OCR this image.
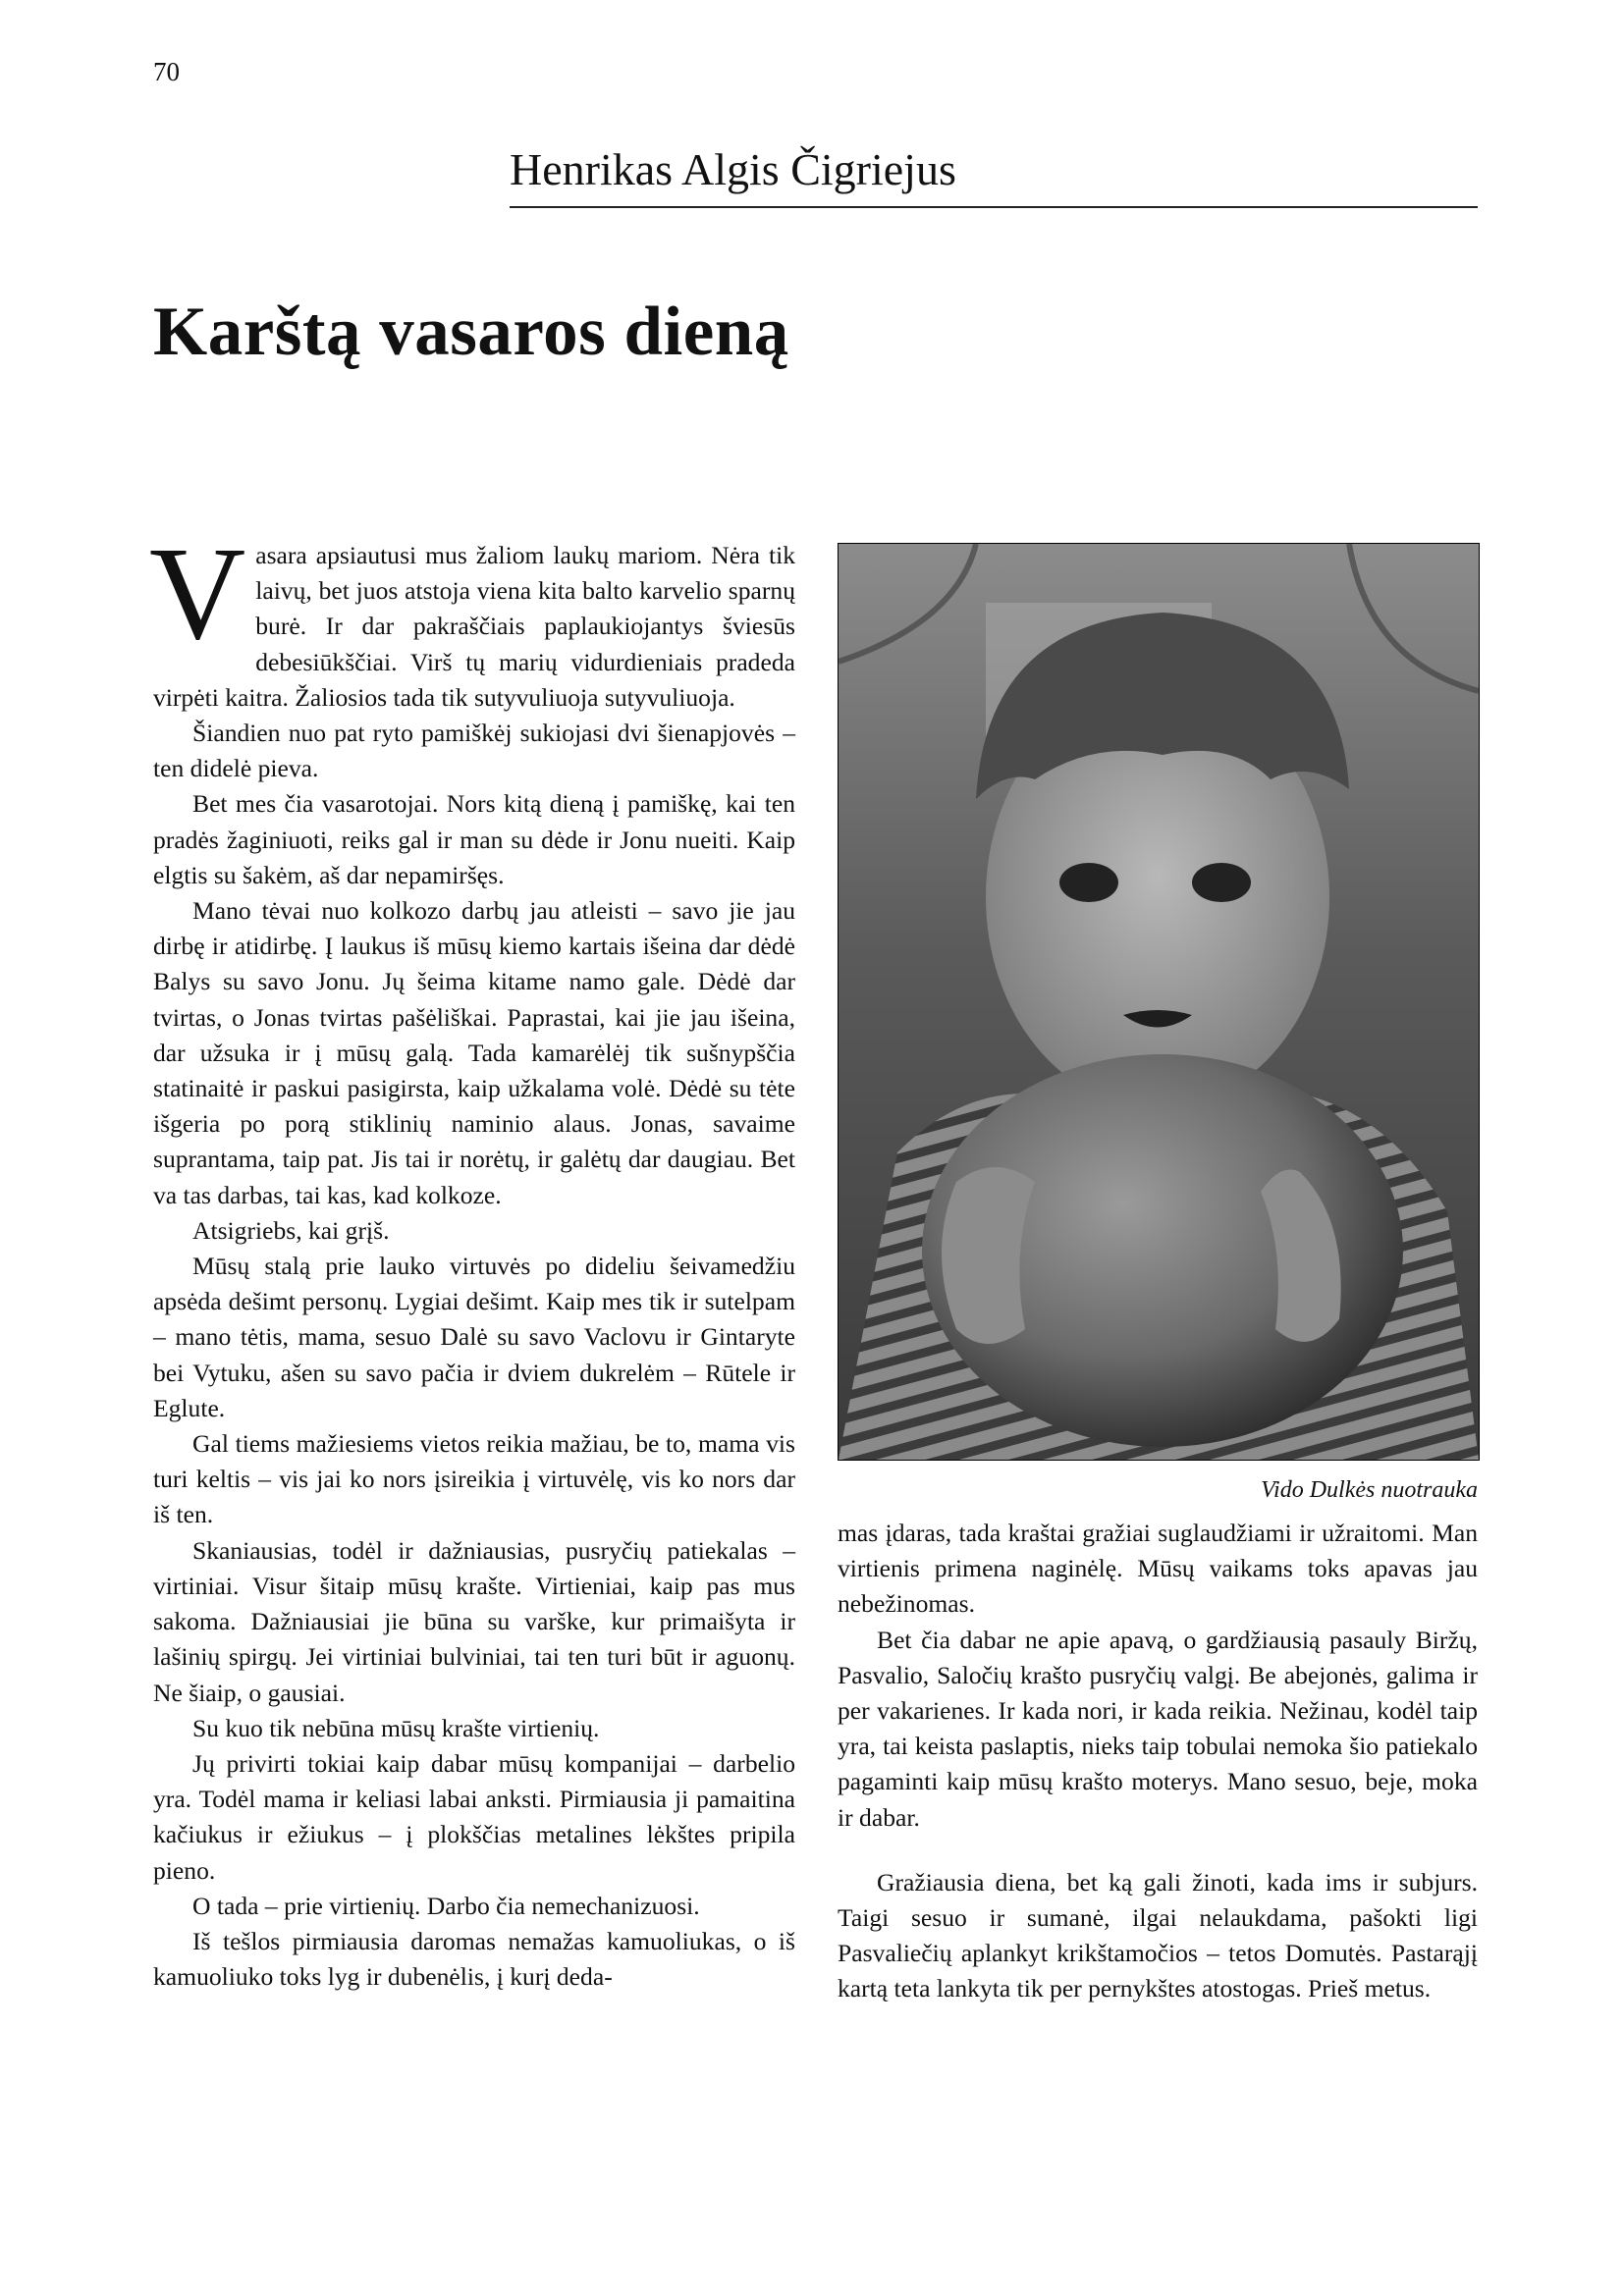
70
Henrikas Algis Čigriejus
Karštą vasaros dieną

Vasara apsiautusi mus žaliom laukų mariom. Nėra tik laivų, bet juos atstoja viena kita balto karvelio sparnų burė. Ir dar pakraščiais paplaukiojantys šviesūs debesiūkščiai. Virš tų marių vidurdieniais pradeda virpėti kaitra. Žaliosios tada tik sutyvuliuoja sutyvuliuoja.

Šiandien nuo pat ryto pamiškėj sukiojasi dvi šienapjovės – ten didelė pieva.

Bet mes čia vasarotojai. Nors kitą dieną į pamiškę, kai ten pradės žaginiuoti, reiks gal ir man su dėde ir Jonu nueiti. Kaip elgtis su šakėm, aš dar nepamiršęs.

Mano tėvai nuo kolkozo darbų jau atleisti – savo jie jau dirbę ir atidirbę. Į laukus iš mūsų kiemo kartais išeina dar dėdė Balys su savo Jonu. Jų šeima kitame namo gale. Dėdė dar tvirtas, o Jonas tvirtas pašėliškai. Paprastai, kai jie jau išeina, dar užsuka ir į mūsų galą. Tada kamarėlėj tik sušnypščia statinaitė ir paskui pasigirsta, kaip užkalama volė. Dėdė su tėte išgeria po porą stiklinių naminio alaus. Jonas, savaime suprantama, taip pat. Jis tai ir norėtų, ir galėtų dar daugiau. Bet va tas darbas, tai kas, kad kolkoze.

Atsigriebs, kai grįš.

Mūsų stalą prie lauko virtuvės po dideliu šeivamedžiu apsėda dešimt personų. Lygiai dešimt. Kaip mes tik ir sutelpam – mano tėtis, mama, sesuo Dalė su savo Vaclovu ir Gintaryte bei Vytuku, ašen su savo pačia ir dviem dukrelėm – Rūtele ir Eglute.

Gal tiems mažiesiems vietos reikia mažiau, be to, mama vis turi keltis – vis jai ko nors įsireikia į virtuvėlę, vis ko nors dar iš ten.

Skaniausias, todėl ir dažniausias, pusryčių patiekalas – virtiniai. Visur šitaip mūsų krašte. Virtieniai, kaip pas mus sakoma. Dažniausiai jie būna su varške, kur primaišyta ir lašinių spirgų. Jei virtiniai bulviniai, tai ten turi būt ir aguonų. Ne šiaip, o gausiai.

Su kuo tik nebūna mūsų krašte virtienių.

Jų privirti tokiai kaip dabar mūsų kompanijai – darbelio yra. Todėl mama ir keliasi labai anksti. Pirmiausia ji pamaitina kačiukus ir ežiukus – į plokščias metalines lėkštes pripila pieno.

O tada – prie virtienių. Darbo čia nemechanizuosi.

Iš tešlos pirmiausia daromas nemažas kamuoliukas, o iš kamuoliuko toks lyg ir dubenėlis, į kurį deda-

Vido Dulkės nuotrauka

mas įdaras, tada kraštai gražiai suglaudžiami ir užraitomi. Man virtienis primena naginėlę. Mūsų vaikams toks apavas jau nebežinomas.

Bet čia dabar ne apie apavą, o gardžiausią pasauly Biržų, Pasvalio, Saločių krašto pusryčių valgį. Be abejonės, galima ir per vakarienes. Ir kada nori, ir kada reikia. Nežinau, kodėl taip yra, tai keista paslaptis, nieks taip tobulai nemoka šio patiekalo pagaminti kaip mūsų krašto moterys. Mano sesuo, beje, moka ir dabar.

Gražiausia diena, bet ką gali žinoti, kada ims ir subjurs. Taigi sesuo ir sumanė, ilgai nelaukdama, pašokti ligi Pasvaliečių aplankyt krikštamočios – tetos Domutės. Pastarąjį kartą teta lankyta tik per pernykštes atostogas. Prieš metus.
